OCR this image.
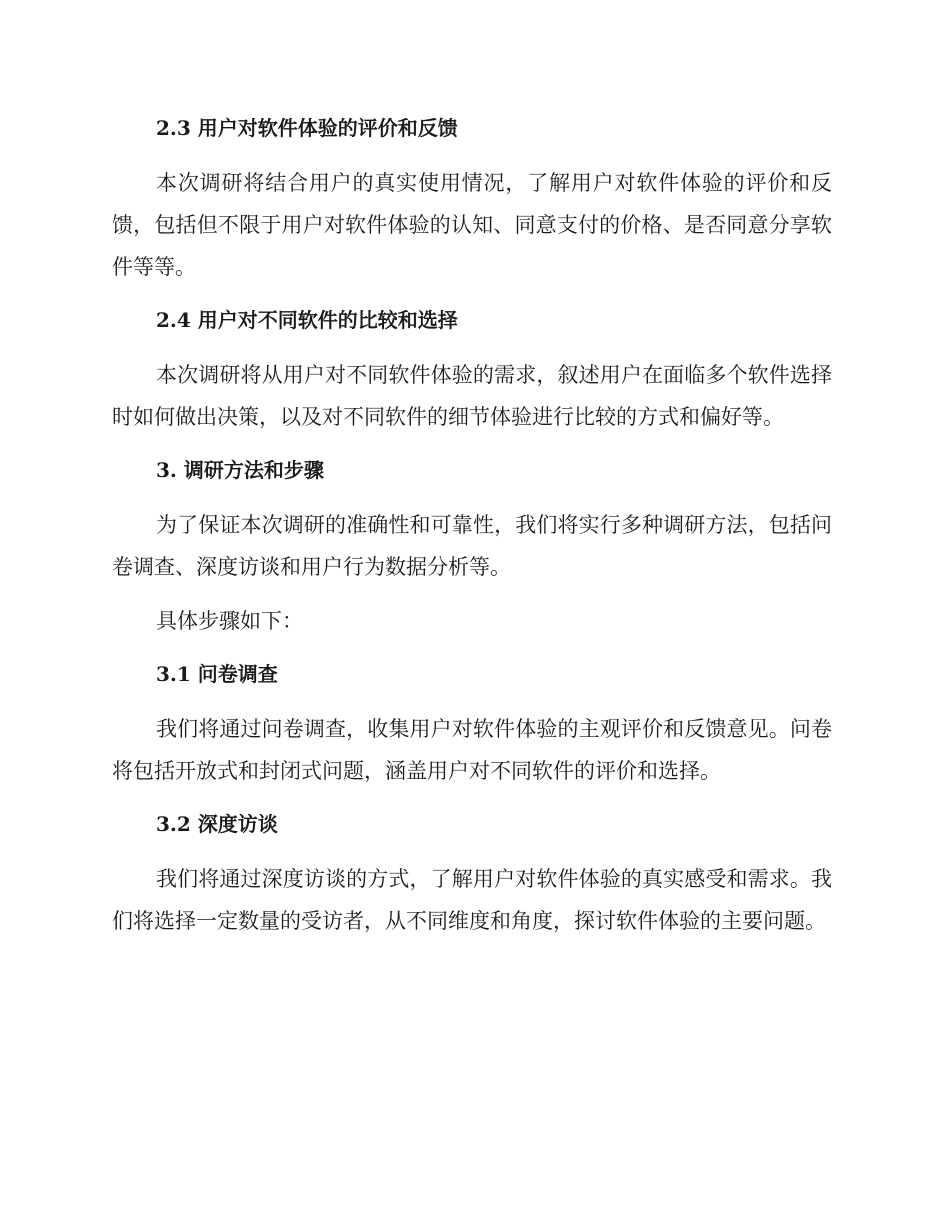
2.3 用户对软件体验的评价和反馈

本次调研将结合用户的真实使用情况，了解用户对软件体验的评价和反馈，包括但不限于用户对软件体验的认知、同意支付的价格、是否同意分享软件等等。

2.4 用户对不同软件的比较和选择

本次调研将从用户对不同软件体验的需求，叙述用户在面临多个软件选择时如何做出决策，以及对不同软件的细节体验进行比较的方式和偏好等。

3. 调研方法和步骤

为了保证本次调研的准确性和可靠性，我们将实行多种调研方法，包括问卷调查、深度访谈和用户行为数据分析等。

具体步骤如下：

3.1 问卷调查

我们将通过问卷调查，收集用户对软件体验的主观评价和反馈意见。问卷将包括开放式和封闭式问题，涵盖用户对不同软件的评价和选择。

3.2 深度访谈

我们将通过深度访谈的方式，了解用户对软件体验的真实感受和需求。我们将选择一定数量的受访者，从不同维度和角度，探讨软件体验的主要问题。
